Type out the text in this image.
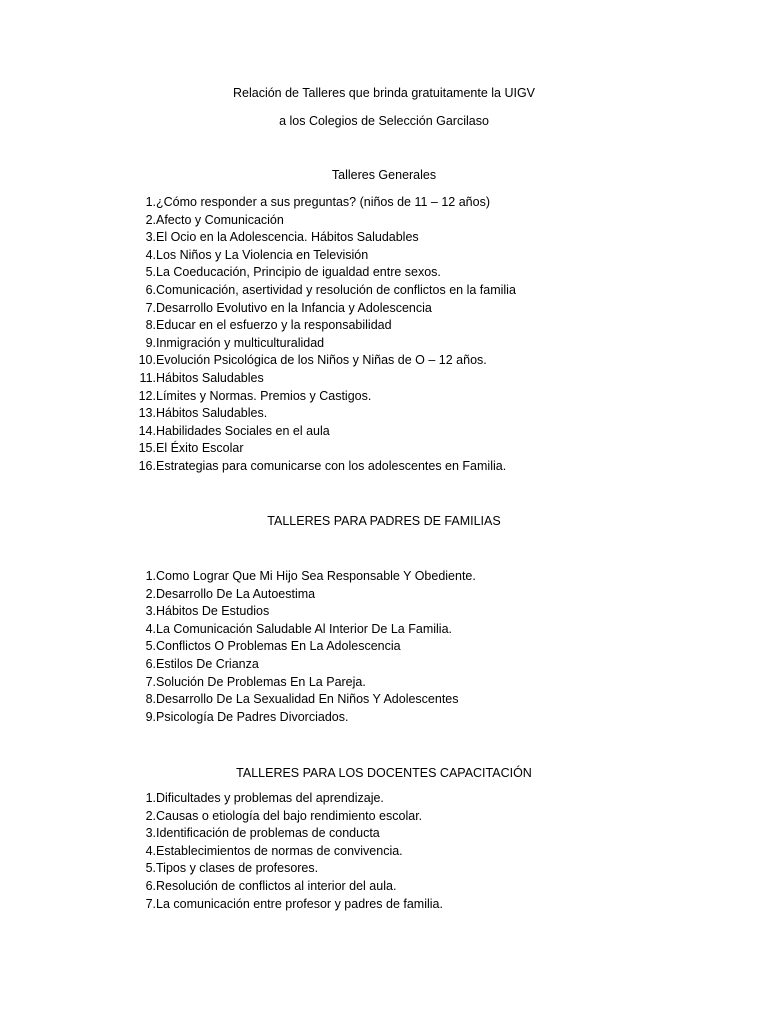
Relación de Talleres que brinda gratuitamente la UIGV
a los Colegios de Selección Garcilaso
Talleres Generales
1. ¿Cómo responder a sus preguntas? (niños de 11 – 12 años)
2. Afecto y Comunicación
3. El Ocio en la Adolescencia. Hábitos Saludables
4. Los Niños y La Violencia en Televisión
5. La Coeducación, Principio de igualdad entre sexos.
6. Comunicación, asertividad y resolución de conflictos en la familia
7. Desarrollo Evolutivo en la Infancia y Adolescencia
8. Educar en el esfuerzo y la responsabilidad
9. Inmigración y multiculturalidad
10. Evolución Psicológica de los Niños y Niñas de O – 12 años.
11. Hábitos Saludables
12. Límites y Normas. Premios y Castigos.
13. Hábitos Saludables.
14. Habilidades Sociales en el aula
15. El Éxito Escolar
16. Estrategias para comunicarse con los adolescentes en Familia.
TALLERES PARA PADRES DE FAMILIAS
1. Como Lograr Que Mi Hijo Sea Responsable Y Obediente.
2. Desarrollo De La Autoestima
3. Hábitos De Estudios
4. La Comunicación Saludable Al Interior De La Familia.
5. Conflictos O Problemas En La Adolescencia
6. Estilos De Crianza
7. Solución De Problemas En La Pareja.
8. Desarrollo De La Sexualidad En Niños Y Adolescentes
9. Psicología De Padres Divorciados.
TALLERES PARA LOS DOCENTES CAPACITACIÓN
1. Dificultades y problemas del aprendizaje.
2. Causas o etiología del bajo rendimiento escolar.
3. Identificación de problemas de conducta
4. Establecimientos de normas de convivencia.
5. Tipos y clases de profesores.
6. Resolución de conflictos al interior del aula.
7. La comunicación entre profesor y padres de familia.
